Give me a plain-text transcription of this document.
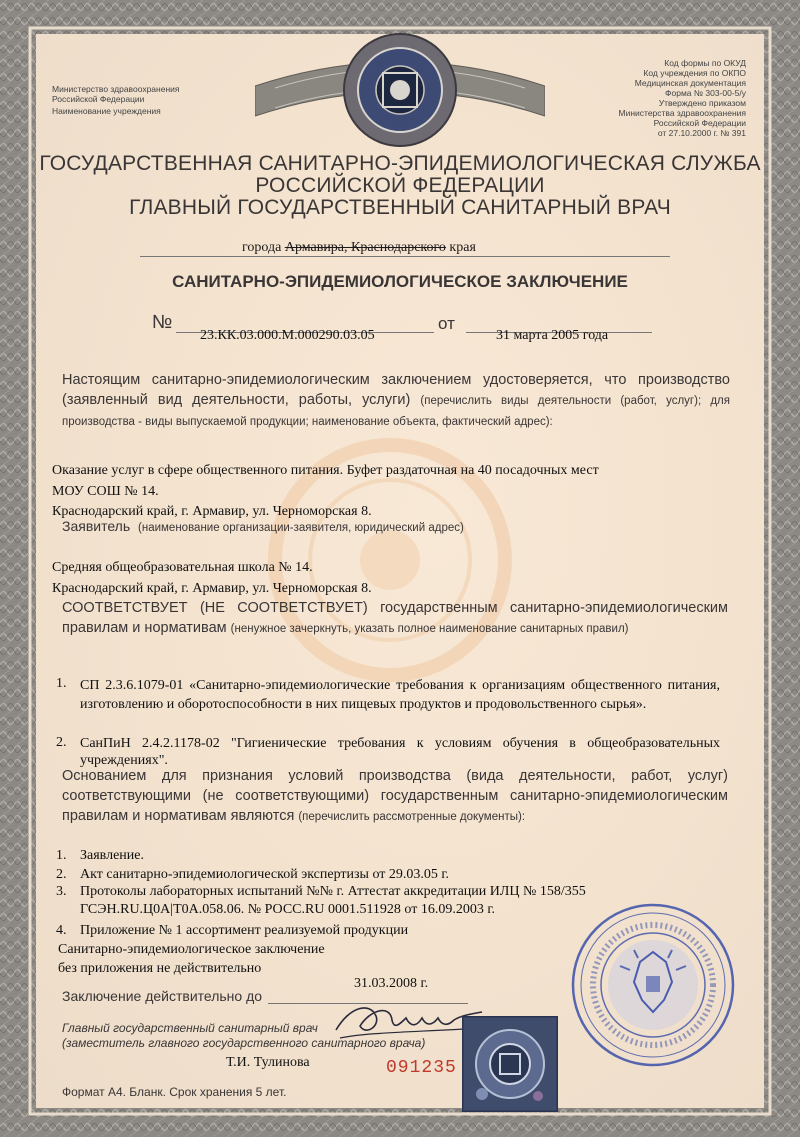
Министерство здравоохранения
Российской Федерации
Наименование учреждения
Код формы по ОКУД
Код учреждения по ОКПО
Медицинская документация
Форма № 303-00-5/у
Утверждено приказом
Министерства здравоохранения
Российской Федерации
от 27.10.2000 г. № 391
ГОСУДАРСТВЕННАЯ САНИТАРНО-ЭПИДЕМИОЛОГИЧЕСКАЯ СЛУЖБА
РОССИЙСКОЙ ФЕДЕРАЦИИ
ГЛАВНЫЙ ГОСУДАРСТВЕННЫЙ САНИТАРНЫЙ ВРАЧ
города Армавира, Краснодарского края
САНИТАРНО-ЭПИДЕМИОЛОГИЧЕСКОЕ ЗАКЛЮЧЕНИЕ
№
23.КК.03.000.М.000290.03.05
от
31 марта 2005 года
Настоящим санитарно-эпидемиологическим заключением удостоверяется, что производство (заявленный вид деятельности, работы, услуги) (перечислить виды деятельности (работ, услуг); для производства - виды выпускаемой продукции; наименование объекта, фактический адрес):
Оказание услуг в сфере общественного питания. Буфет раздаточная на 40 посадочных мест
МОУ СОШ № 14.
Краснодарский край, г. Армавир, ул. Черноморская 8.
Заявитель (наименование организации-заявителя, юридический адрес)
Средняя общеобразовательная школа № 14.
Краснодарский край, г. Армавир, ул. Черноморская 8.
СООТВЕТСТВУЕТ (НЕ СООТВЕТСТВУЕТ) государственным санитарно-эпидемиологическим правилам и нормативам (ненужное зачеркнуть, указать полное наименование санитарных правил)
1. СП 2.3.6.1079-01 «Санитарно-эпидемиологические требования к организациям общественного питания, изготовлению и оборотоспособности в них пищевых продуктов и продовольственного сырья».
2. СанПиН 2.4.2.1178-02 "Гигиенические требования к условиям обучения в общеобразовательных учреждениях".
Основанием для признания условий производства (вида деятельности, работ, услуг) соответствующими (не соответствующими) государственным санитарно-эпидемиологическим правилам и нормативам являются (перечислить рассмотренные документы):
1. Заявление.
2. Акт санитарно-эпидемиологической экспертизы от 29.03.05 г.
3. Протоколы лабораторных испытаний №№ г. Аттестат аккредитации ИЛЦ № 158/355
ГСЭН.RU.Ц0А|Т0А.058.06. № РОСС.RU 0001.511928 от 16.09.2003 г.
4. Приложение № 1 ассортимент реализуемой продукции
Санитарно-эпидемиологическое заключение
без приложения не действительно
31.03.2008 г.
Заключение действительно до
Главный государственный санитарный врач
(заместитель главного государственного санитарного врача)
Т.И. Тулинова	091235
Формат А4. Бланк. Срок хранения 5 лет.
